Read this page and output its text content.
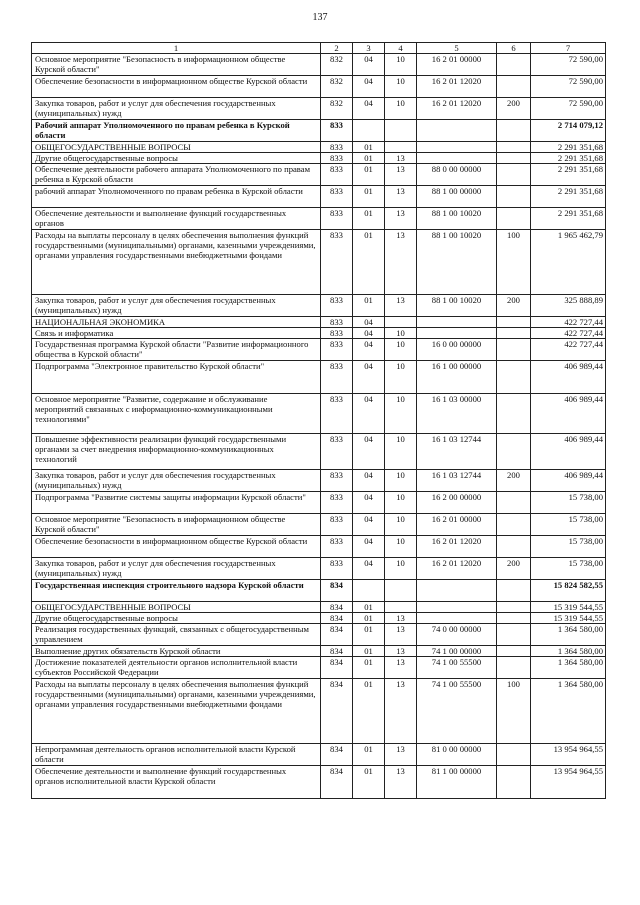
137
1	2	3	4	5	6	7
Основное мероприятие "Безопасность в информационном обществе Курской области"	832	04	10	16 2 01 00000		72 590,00
Обеспечение безопасности в информационном обществе Курской области	832	04	10	16 2 01 12020		72 590,00
Закупка товаров, работ и услуг для обеспечения государственных (муниципальных) нужд	832	04	10	16 2 01 12020	200	72 590,00
Рабочий аппарат Уполномоченного по правам ребенка в Курской области	833					2 714 079,12
ОБЩЕГОСУДАРСТВЕННЫЕ ВОПРОСЫ	833	01				2 291 351,68
Другие общегосударственные вопросы	833	01	13			2 291 351,68
Обеспечение деятельности рабочего аппарата Уполномоченного по правам ребенка в Курской области	833	01	13	88 0 00 00000		2 291 351,68
рабочий аппарат Уполномоченного по правам ребенка в Курской области	833	01	13	88 1 00 00000		2 291 351,68
Обеспечение деятельности и выполнение функций государственных органов	833	01	13	88 1 00 10020		2 291 351,68
Расходы на выплаты персоналу в целях обеспечения выполнения функций государственными (муниципальными) органами, казенными учреждениями, органами управления государственными внебюджетными фондами	833	01	13	88 1 00 10020	100	1 965 462,79
Закупка товаров, работ и услуг для обеспечения государственных (муниципальных) нужд	833	01	13	88 1 00 10020	200	325 888,89
НАЦИОНАЛЬНАЯ ЭКОНОМИКА	833	04				422 727,44
Связь и информатика	833	04	10			422 727,44
Государственная программа Курской области "Развитие информационного общества в Курской области"	833	04	10	16 0 00 00000		422 727,44
Подпрограмма "Электронное правительство Курской области"	833	04	10	16 1 00 00000		406 989,44
Основное мероприятие "Развитие, содержание и обслуживание мероприятий связанных с информационно-коммуникационными технологиями"	833	04	10	16 1 03 00000		406 989,44
Повышение эффективности реализации функций государственными органами за счет внедрения информационно-коммуникационных технологий	833	04	10	16 1 03 12744		406 989,44
Закупка товаров, работ и услуг для обеспечения государственных (муниципальных) нужд	833	04	10	16 1 03 12744	200	406 989,44
Подпрограмма "Развитие системы защиты информации Курской области"	833	04	10	16 2 00 00000		15 738,00
Основное мероприятие "Безопасность в информационном обществе Курской области"	833	04	10	16 2 01 00000		15 738,00
Обеспечение безопасности в информационном обществе Курской области	833	04	10	16 2 01 12020		15 738,00
Закупка товаров, работ и услуг для обеспечения государственных (муниципальных) нужд	833	04	10	16 2 01 12020	200	15 738,00
Государственная инспекция строительного надзора Курской области	834					15 824 582,55
ОБЩЕГОСУДАРСТВЕННЫЕ ВОПРОСЫ	834	01				15 319 544,55
Другие общегосударственные вопросы	834	01	13			15 319 544,55
Реализация государственных функций, связанных с общегосударственным управлением	834	01	13	74 0 00 00000		1 364 580,00
Выполнение других обязательств Курской области	834	01	13	74 1 00 00000		1 364 580,00
Достижение показателей деятельности органов исполнительной власти субъектов Российской Федерации	834	01	13	74 1 00 55500		1 364 580,00
Расходы на выплаты персоналу в целях обеспечения выполнения функций государственными (муниципальными) органами, казенными учреждениями, органами управления государственными внебюджетными фондами	834	01	13	74 1 00 55500	100	1 364 580,00
Непрограммная деятельность органов исполнительной власти Курской области	834	01	13	81 0 00 00000		13 954 964,55
Обеспечение деятельности и выполнение функций государственных органов исполнительной власти Курской области	834	01	13	81 1 00 00000		13 954 964,55
